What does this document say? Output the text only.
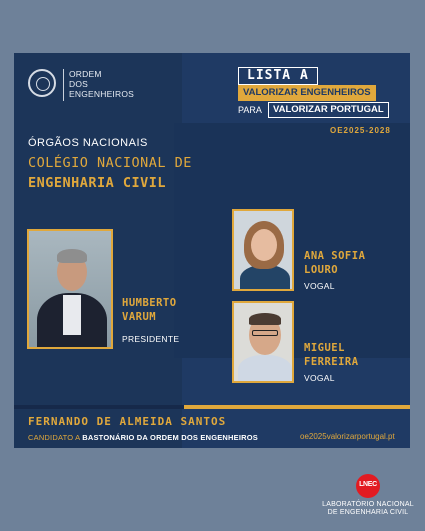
ORDEM
DOS
ENGENHEIROS
LISTA A
VALORIZAR ENGENHEIROS
PARA	VALORIZAR PORTUGAL
OE2025-2028
ÓRGÃOS NACIONAIS
COLÉGIO NACIONAL DE
ENGENHARIA CIVIL
HUMBERTO
VARUM
PRESIDENTE
ANA SOFIA
LOURO
VOGAL
MIGUEL
FERREIRA
VOGAL
FERNANDO DE ALMEIDA SANTOS
CANDIDATO A BASTONÁRIO DA ORDEM DOS ENGENHEIROS	oe2025valorizarportugal.pt
LNEC
LABORATÓRIO NACIONAL
DE ENGENHARIA CIVIL
